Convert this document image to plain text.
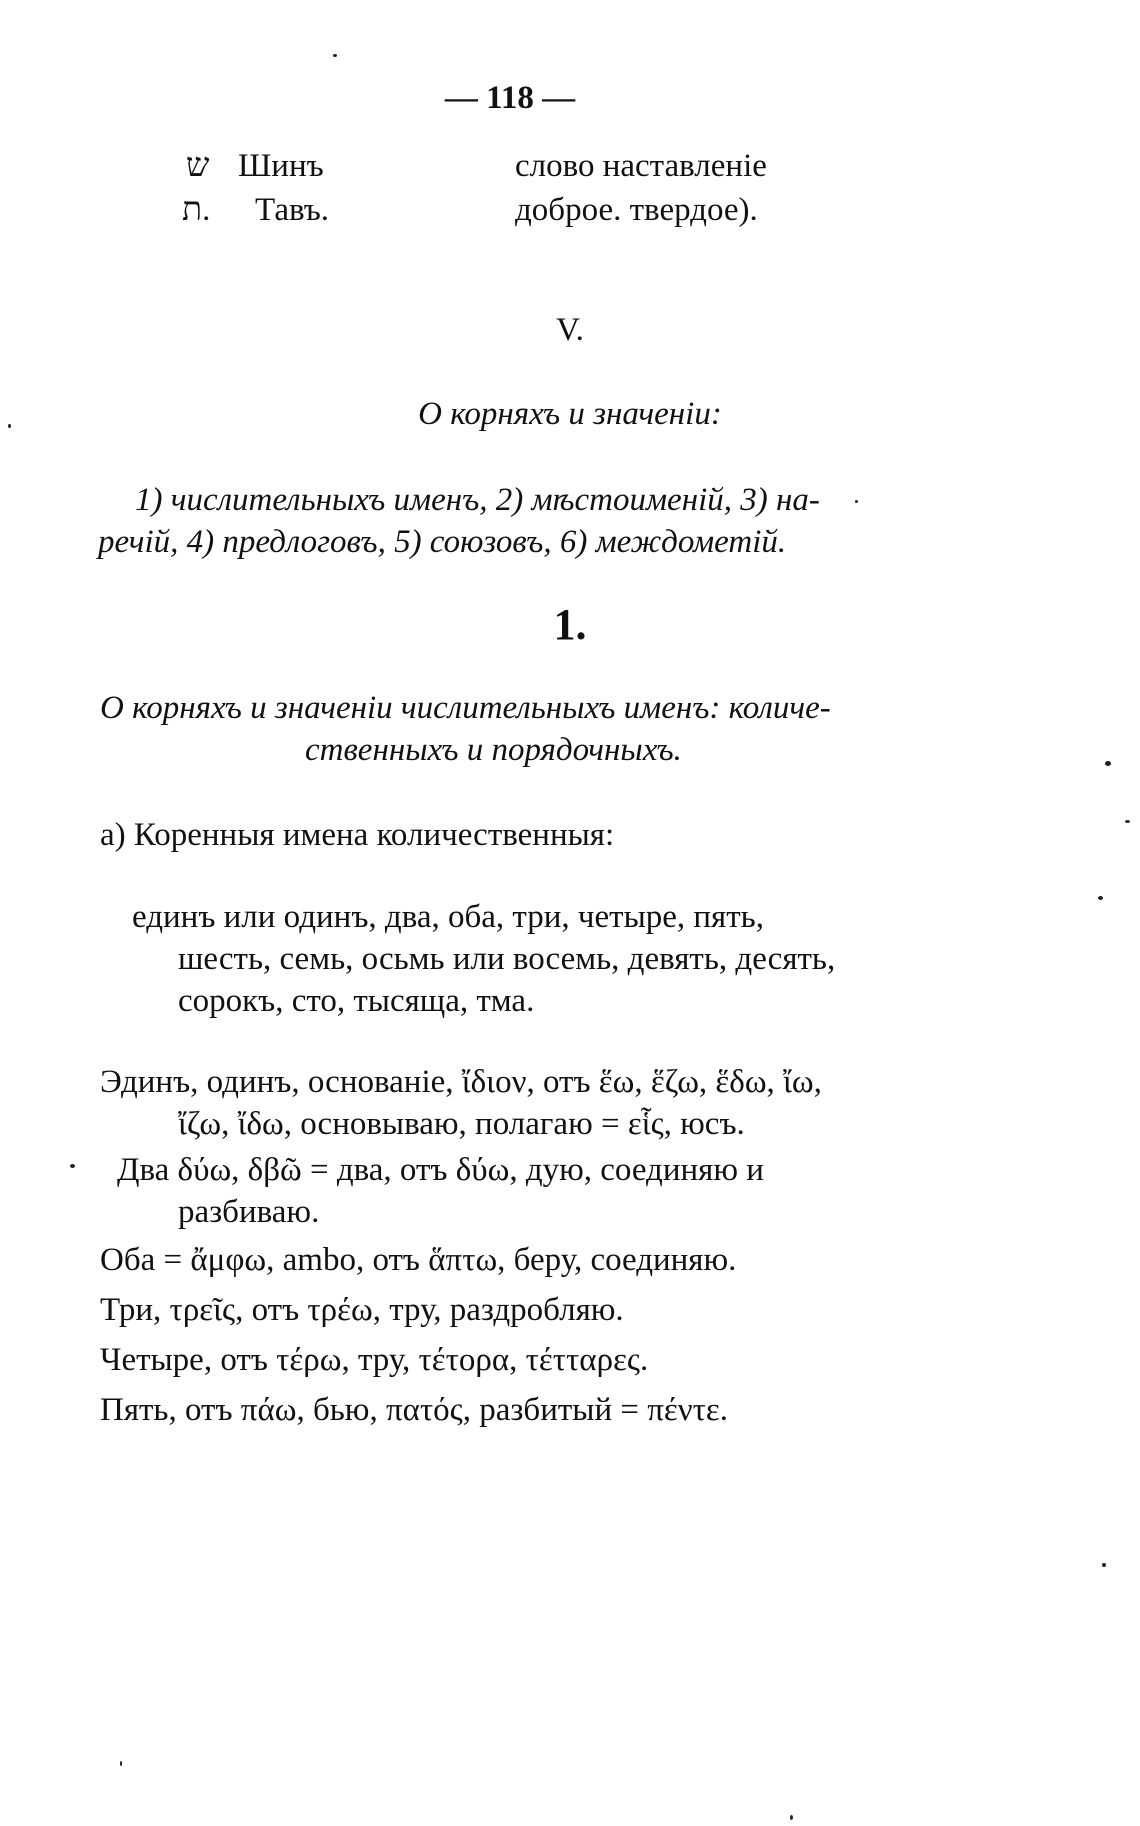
— 118 —
ש Шинъ	слово наставленіе
ת. Тавъ.	доброе. твердое).
V.
О корняхъ и значеніи:
1) числительныхъ именъ, 2) мѣстоименій, 3) на-
речій, 4) предлоговъ, 5) союзовъ, 6) междометій.
1.
О корняхъ и значеніи числительныхъ именъ: количе-
ственныхъ и порядочныхъ.
а) Коренныя имена количественныя:
единъ или одинъ, два, оба, три, четыре, пять,
шесть, семь, осьмь или восемь, девять, десять,
сорокъ, сто, тысяща, тма.
Эдинъ, одинъ, основаніе, ἴδιον, отъ ἕω, ἕζω, ἕδω, ἴω,
ἴζω, ἴδω, основываю, полагаю = εἷς, юсъ.
Два δύω, δβῶ = два, отъ δύω, дую, соединяю и
разбиваю.
Оба = ἄμφω, ambo, отъ ἅπτω, беру, соединяю.
Три, τρεῖς, отъ τρέω, тру, раздробляю.
Четыре, отъ τέρω, тру, τέτορα, τέτταρες.
Пять, отъ πάω, бью, πατός, разбитый = πέντε.
